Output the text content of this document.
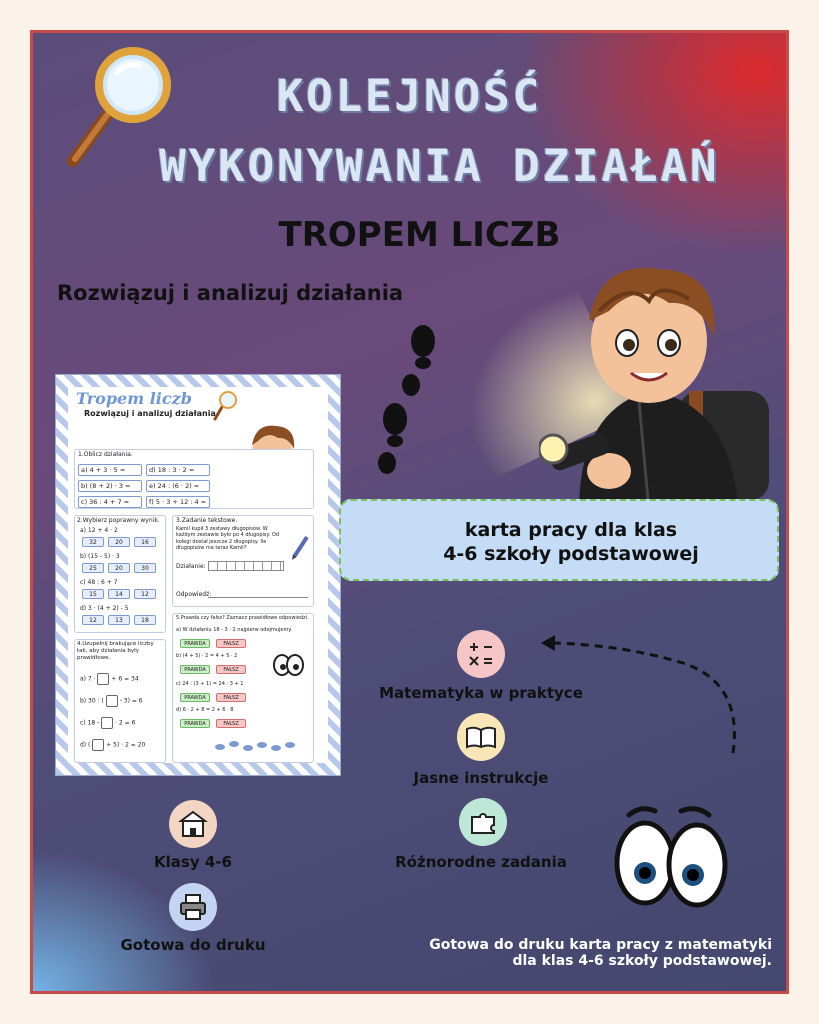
KOLEJNOŚĆ
WYKONYWANIA DZIAŁAŃ
TROPEM LICZB
Rozwiązuj i analizuj działania
Tropem liczb
Rozwiązuj i analizuj działania
1.Oblicz działania.
a) 4 + 3 · 5 =	d) 18 : 3 · 2 =
b) (8 + 2) · 3 =	e) 24 : (6 · 2) =
c) 36 : 4 + 7 =	f) 5 · 3 + 12 : 4 =
2.Wybierz poprawny wynik.
a) 12 + 4 · 2
32	20	16
b) (15 - 5) · 3
25	20	30
c) 48 : 6 + 7
15	14	12
d) 3 · (4 + 2) - 5
12	13	18
3.Zadanie tekstowe.
Kamil kupił 3 zestawy długopisów. W każdym zestawie było po 4 długopisy. Od kolegi dostał jeszcze 2 długopisy. Ile długopisów ma teraz Kamil?
Działanie:
Odpowiedź:
4.Uzupełnij brakujące liczby tak, aby działania były prawidłowe.
a) 7 ·	+ 6 = 34
b) 30 : (	- 3) = 6
c) 18 -	· 2 = 6
d) (	+ 5) · 2 = 20
5.Prawda czy fałsz? Zaznacz prawidłowe odpowiedzi.
a) W działaniu 18 - 3 · 2 najpierw odejmujemy.
PRAWDA	FAŁSZ
b) (4 + 5) · 2 = 4 + 5 · 2
PRAWDA	FAŁSZ
c) 24 : (3 + 1) = 24 : 3 + 1
PRAWDA	FAŁSZ
d) 6 · 2 + 8 = 2 + 6 · 8
PRAWDA	FAŁSZ
karta pracy dla klas
4-6 szkoły podstawowej
Matematyka w praktyce
Jasne instrukcje
Różnorodne zadania
Klasy 4-6
Gotowa do druku	Gotowa do druku karta pracy z matematyki
dla klas 4-6 szkoły podstawowej.
